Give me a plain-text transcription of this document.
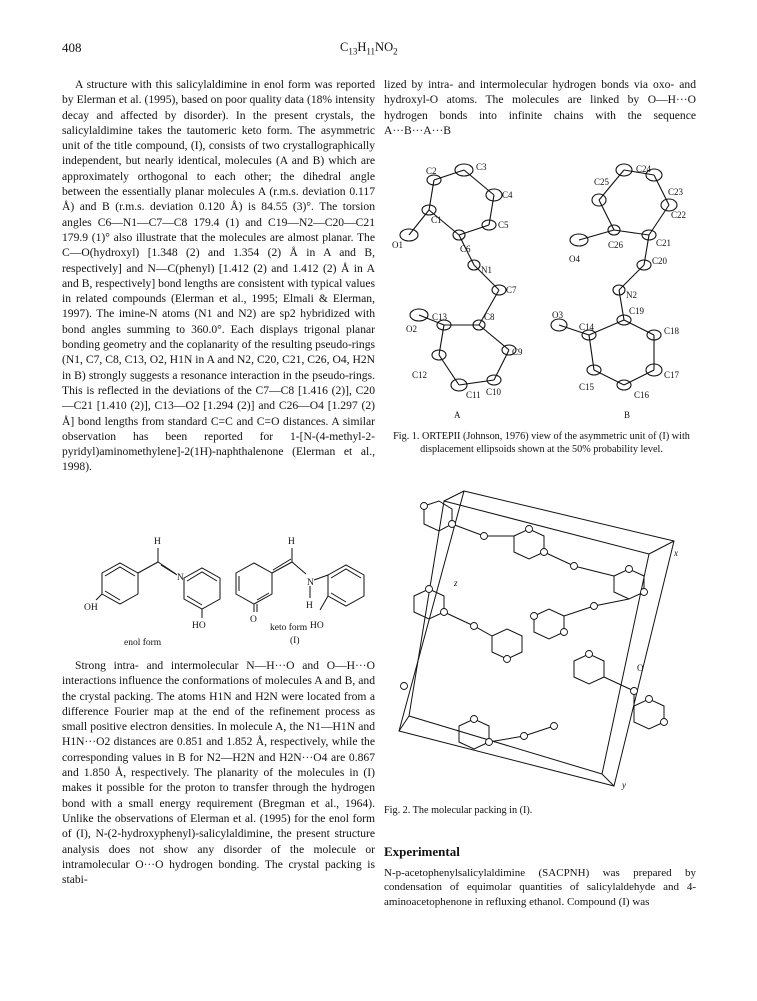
408	$C_{13}H_{11}NO_2$

A structure with this salicylaldimine in enol form was reported by Elerman et al. (1995), based on poor quality data (18% intensity decay and affected by disorder). In the present crystals, the salicylaldimine takes the tautomeric keto form. The asymmetric unit of the title compound, (I), consists of two crystallographically independent, but nearly identical, molecules (A and B) which are approximately orthogonal to each other; the dihedral angle between the essentially planar molecules A (r.m.s. deviation 0.117 Å) and B (r.m.s. deviation 0.120 Å) is 84.55 (3)°. The torsion angles C6—N1—C7—C8 179.4 (1) and C19—N2—C20—C21 179.9 (1)° also illustrate that the molecules are almost planar. The C—O(hydroxyl) [1.348 (2) and 1.354 (2) Å in A and B, respectively] and N—C(phenyl) [1.412 (2) and 1.412 (2) Å in A and B, respectively] bond lengths are consistent with typical values in related compounds (Elerman et al., 1995; Elmali & Elerman, 1997). The imine-N atoms (N1 and N2) are sp2 hybridized with bond angles summing to 360.0°. Each displays trigonal planar bonding geometry and the coplanarity of the resulting pseudo-rings (N1, C7, C8, C13, O2, H1N in A and N2, C20, C21, C26, O4, H2N in B) strongly suggests a resonance interaction in the pseudo-rings. This is reflected in the deviations of the C7—C8 [1.416 (2)], C20—C21 [1.410 (2)], C13—O2 [1.294 (2)] and C26—O4 [1.297 (2) Å] bond lengths from standard C=C and C=O distances. A similar observation has been reported for 1-[N-(4-methyl-2-pyridyl)aminomethylene]-2(1H)-naphthalenone (Elerman et al., 1998).

H
N
OH
HO
enol form
H
N
O
H
HO
keto form
(I)

Strong intra- and intermolecular N—H···O and O—H···O interactions influence the conformations of molecules A and B, and the crystal packing. The atoms H1N and H2N were located from a difference Fourier map at the end of the refinement process as small positive electron densities. In molecule A, the N1—H1N and H1N···O2 distances are 0.851 and 1.852 Å, respectively, while the corresponding values in B for N2—H2N and H2N···O4 are 0.867 and 1.850 Å, respectively. The planarity of the molecules in (I) makes it possible for the proton to transfer through the hydrogen bond with a small energy requirement (Bregman et al., 1964). Unlike the observations of Elerman et al. (1995) for the enol form of (I), N-(2-hydroxyphenyl)-salicylaldimine, the present structure analysis does not show any disorder of the molecule or intramolecular O···O hydrogen bonding. The crystal packing is stabi-

lized by intra- and intermolecular hydrogen bonds via oxo- and hydroxyl-O atoms. The molecules are linked by O—H···O hydrogen bonds into infinite chains with the sequence A···B···A···B

C2	C3
C4
C5
C1
O1	C6
N1
C7
C8
C13
O2
C9
C12
C11 C10
A
C24
C25
C23
C22
C21
C26
O4	C20
N2
C19
C18
O3
C14
C17
C15
C16
B
Fig. 1. ORTEPII (Johnson, 1976) view of the asymmetric unit of (I) with displacement ellipsoids shown at the 50% probability level.
x
z
O
y
Fig. 2. The molecular packing in (I).
Experimental

N-p-acetophenylsalicylaldimine (SACPNH) was prepared by condensation of equimolar quantities of salicylaldehyde and 4-aminoacetophenone in refluxing ethanol. Compound (I) was
